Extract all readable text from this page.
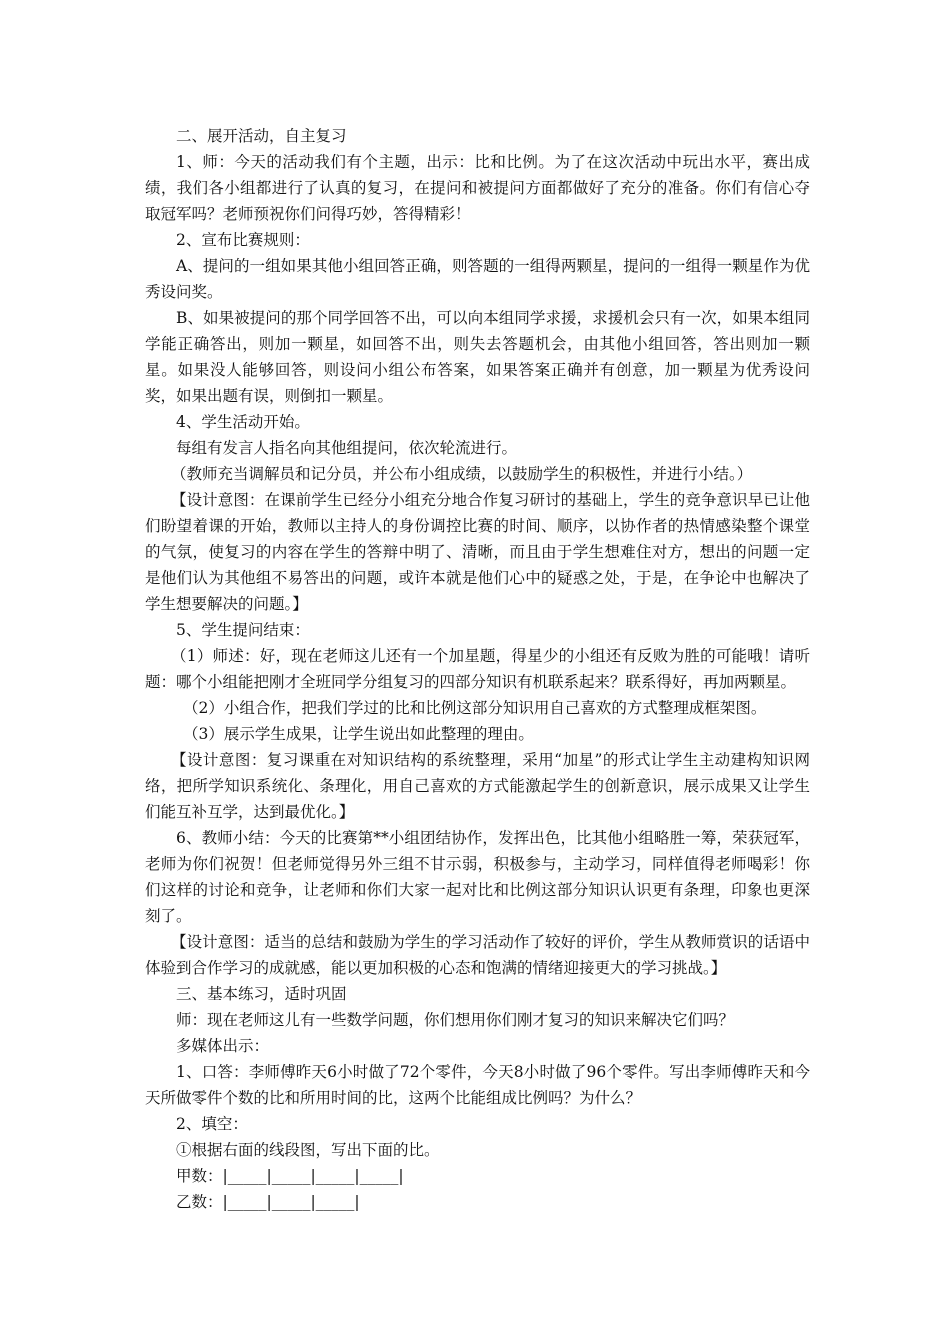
二、展开活动，自主复习

1、师：今天的活动我们有个主题，出示：比和比例。为了在这次活动中玩出水平，赛出成绩，我们各小组都进行了认真的复习，在提问和被提问方面都做好了充分的准备。你们有信心夺取冠军吗？老师预祝你们问得巧妙，答得精彩！

2、宣布比赛规则：

A、提问的一组如果其他小组回答正确，则答题的一组得两颗星，提问的一组得一颗星作为优秀设问奖。

B、如果被提问的那个同学回答不出，可以向本组同学求援，求援机会只有一次，如果本组同学能正确答出，则加一颗星，如回答不出，则失去答题机会，由其他小组回答，答出则加一颗星。如果没人能够回答，则设问小组公布答案，如果答案正确并有创意，加一颗星为优秀设问奖，如果出题有误，则倒扣一颗星。

4、学生活动开始。

每组有发言人指名向其他组提问，依次轮流进行。

（教师充当调解员和记分员，并公布小组成绩，以鼓励学生的积极性，并进行小结。）

【设计意图：在课前学生已经分小组充分地合作复习研讨的基础上，学生的竞争意识早已让他们盼望着课的开始，教师以主持人的身份调控比赛的时间、顺序，以协作者的热情感染整个课堂的气氛，使复习的内容在学生的答辩中明了、清晰，而且由于学生想难住对方，想出的问题一定是他们认为其他组不易答出的问题，或许本就是他们心中的疑惑之处，于是，在争论中也解决了学生想要解决的问题。】

5、学生提问结束：

（1）师述：好，现在老师这儿还有一个加星题，得星少的小组还有反败为胜的可能哦！请听题：哪个小组能把刚才全班同学分组复习的四部分知识有机联系起来？联系得好，再加两颗星。

（2）小组合作，把我们学过的比和比例这部分知识用自己喜欢的方式整理成框架图。

（3）展示学生成果，让学生说出如此整理的理由。

【设计意图：复习课重在对知识结构的系统整理，采用“加星”的形式让学生主动建构知识网络，把所学知识系统化、条理化，用自己喜欢的方式能激起学生的创新意识，展示成果又让学生们能互补互学，达到最优化。】

6、教师小结：今天的比赛第**小组团结协作，发挥出色，比其他小组略胜一筹，荣获冠军，老师为你们祝贺！但老师觉得另外三组不甘示弱，积极参与，主动学习，同样值得老师喝彩！你们这样的讨论和竞争，让老师和你们大家一起对比和比例这部分知识认识更有条理，印象也更深刻了。

【设计意图：适当的总结和鼓励为学生的学习活动作了较好的评价，学生从教师赏识的话语中体验到合作学习的成就感，能以更加积极的心态和饱满的情绪迎接更大的学习挑战。】

三、基本练习，适时巩固

师：现在老师这儿有一些数学问题，你们想用你们刚才复习的知识来解决它们吗？

多媒体出示：

1、口答：李师傅昨天6小时做了72个零件，今天8小时做了96个零件。写出李师傅昨天和今天所做零件个数的比和所用时间的比，这两个比能组成比例吗？为什么？

2、填空：

①根据右面的线段图，写出下面的比。

甲数：|_____|_____|_____|_____|

乙数：|_____|_____|_____|
